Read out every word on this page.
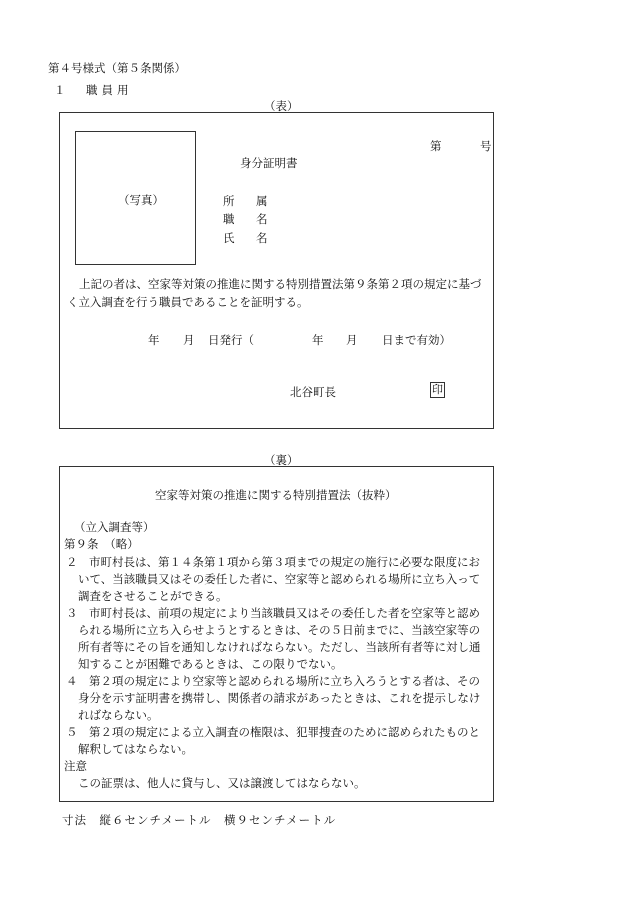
第４号様式（第５条関係）
１ 職員用
（表）
（写真）
第	号
身分証明書
所 属
職 名
氏 名
上記の者は、空家等対策の推進に関する特別措置法第９条第２項の規定に基づ
く立入調査を行う職員であることを証明する。
年 月 日発行（	年 月 日まで有効）
北谷町長	印
（裏）
空家等対策の推進に関する特別措置法（抜粋）
（立入調査等）
第９条　（略）
２　市町村長は、第１４条第１項から第３項までの規定の施行に必要な限度にお
いて、当該職員又はその委任した者に、空家等と認められる場所に立ち入って
調査をさせることができる。
３　市町村長は、前項の規定により当該職員又はその委任した者を空家等と認め
られる場所に立ち入らせようとするときは、その５日前までに、当該空家等の
所有者等にその旨を通知しなければならない。ただし、当該所有者等に対し通
知することが困難であるときは、この限りでない。
４　第２項の規定により空家等と認められる場所に立ち入ろうとする者は、その
身分を示す証明書を携帯し、関係者の請求があったときは、これを提示しなけ
ればならない。
５　第２項の規定による立入調査の権限は、犯罪捜査のために認められたものと
解釈してはならない。
注意
この証票は、他人に貸与し、又は譲渡してはならない。
寸法　縦６センチメートル　横９センチメートル
